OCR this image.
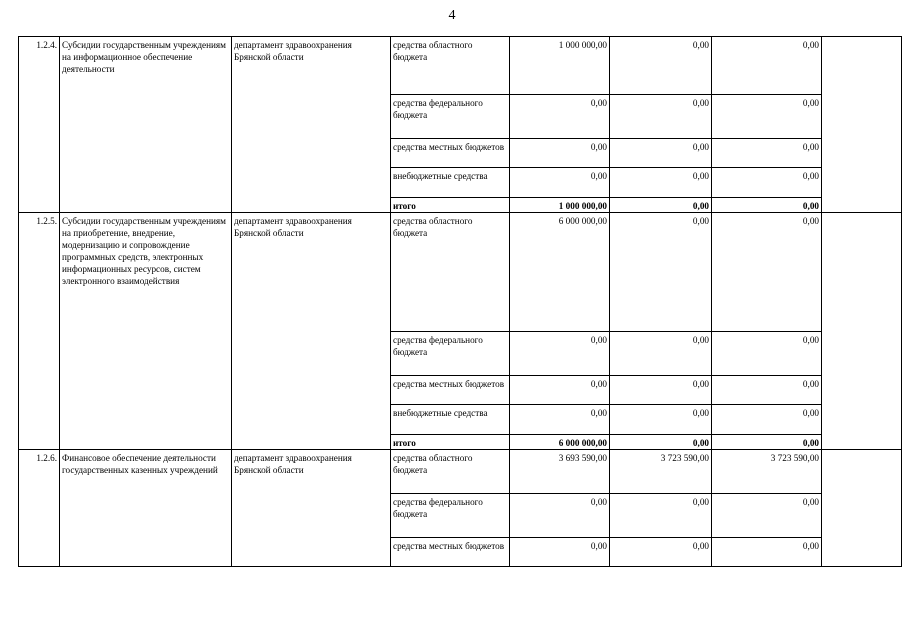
4
1.2.4.	Субсидии государственным учреждениям на информационное обеспечение деятельности	департамент здравоохранения Брянской области	средства областного бюджета	1 000 000,00	0,00	0,00	
			средства федерального бюджета	0,00	0,00	0,00	
			средства местных бюджетов	0,00	0,00	0,00	
			внебюджетные средства	0,00	0,00	0,00	
			итого	1 000 000,00	0,00	0,00	
1.2.5.	Субсидии государственным учреждениям на приобретение, внедрение, модернизацию и сопровождение программных средств, электронных информационных ресурсов, систем электронного взаимодействия	департамент здравоохранения Брянской области	средства областного бюджета	6 000 000,00	0,00	0,00	
			средства федерального бюджета	0,00	0,00	0,00	
			средства местных бюджетов	0,00	0,00	0,00	
			внебюджетные средства	0,00	0,00	0,00	
			итого	6 000 000,00	0,00	0,00	
1.2.6.	Финансовое обеспечение деятельности государственных казенных учреждений	департамент здравоохранения Брянской области	средства областного бюджета	3 693 590,00	3 723 590,00	3 723 590,00	
			средства федерального бюджета	0,00	0,00	0,00	
			средства местных бюджетов	0,00	0,00	0,00	
